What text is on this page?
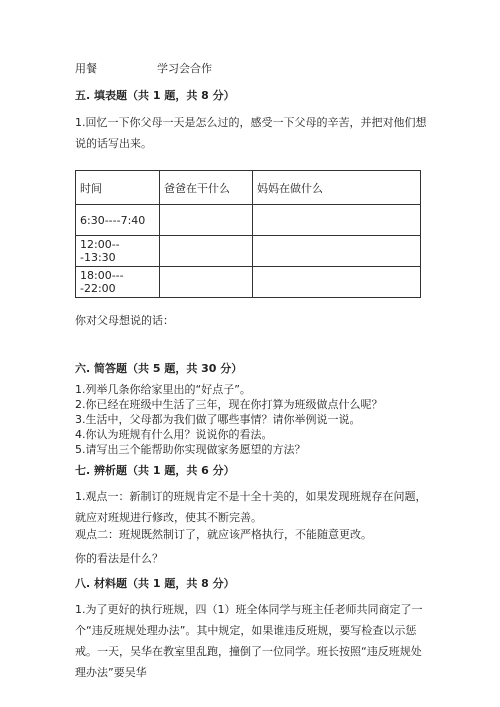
用餐	学习会合作
五. 填表题（共 1 题，共 8 分）
1.回忆一下你父母一天是怎么过的，感受一下父母的辛苦，并把对他们想说的话写出来。
时间	爸爸在干什么	妈妈在做什么
6:30----7:40		
12:00---13:30		
18:00----22:00		
你对父母想说的话：
六. 简答题（共 5 题，共 30 分）
1.列举几条你给家里出的“好点子”。
2.你已经在班级中生活了三年，现在你打算为班级做点什么呢？
3.生活中，父母都为我们做了哪些事情？请你举例说一说。
4.你认为班规有什么用？说说你的看法。
5.请写出三个能帮助你实现做家务愿望的方法？
七. 辨析题（共 1 题，共 6 分）
1.观点一：新制订的班规肯定不是十全十美的，如果发现班规存在问题，就应对班规进行修改，使其不断完善。
观点二：班规既然制订了，就应该严格执行，不能随意更改。
你的看法是什么？
八. 材料题（共 1 题，共 8 分）
1.为了更好的执行班规，四（1）班全体同学与班主任老师共同商定了一个“违反班规处理办法”。其中规定，如果谁违反班规，要写检查以示惩戒。一天，吴华在教室里乱跑，撞倒了一位同学。班长按照“违反班规处理办法”要吴华
